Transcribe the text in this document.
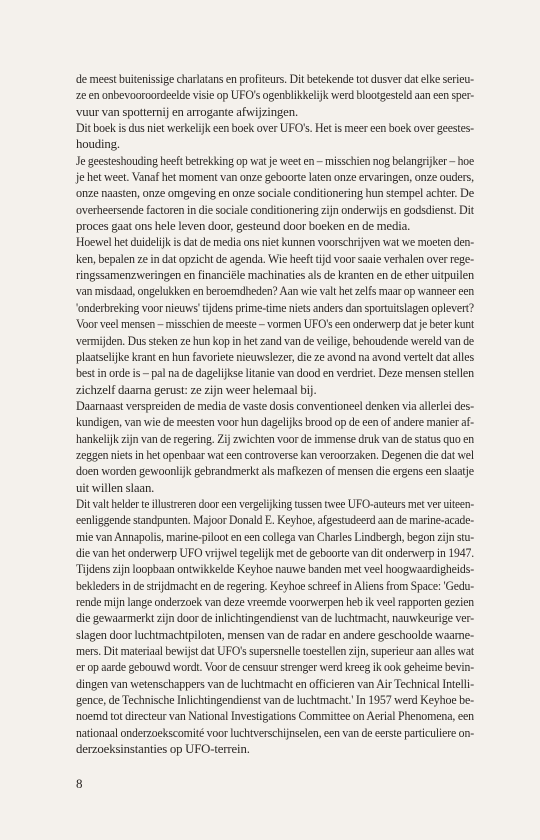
de meest buitenissige charlatans en profiteurs. Dit betekende tot dusver dat elke serieu-
ze en onbevooroordeelde visie op UFO's ogenblikkelijk werd blootgesteld aan een sper-
vuur van spotternij en arrogante afwijzingen.
Dit boek is dus niet werkelijk een boek over UFO's. Het is meer een boek over geestes-
houding.
Je geesteshouding heeft betrekking op wat je weet en – misschien nog belangrijker – hoe
je het weet. Vanaf het moment van onze geboorte laten onze ervaringen, onze ouders,
onze naasten, onze omgeving en onze sociale conditionering hun stempel achter. De
overheersende factoren in die sociale conditionering zijn onderwijs en godsdienst. Dit
proces gaat ons hele leven door, gesteund door boeken en de media.
Hoewel het duidelijk is dat de media ons niet kunnen voorschrijven wat we moeten den-
ken, bepalen ze in dat opzicht de agenda. Wie heeft tijd voor saaie verhalen over rege-
ringssamenzweringen en financiële machinaties als de kranten en de ether uitpuilen
van misdaad, ongelukken en beroemdheden? Aan wie valt het zelfs maar op wanneer een
'onderbreking voor nieuws' tijdens prime-time niets anders dan sportuitslagen oplevert?
Voor veel mensen – misschien de meeste – vormen UFO's een onderwerp dat je beter kunt
vermijden. Dus steken ze hun kop in het zand van de veilige, behoudende wereld van de
plaatselijke krant en hun favoriete nieuwslezer, die ze avond na avond vertelt dat alles
best in orde is – pal na de dagelijkse litanie van dood en verdriet. Deze mensen stellen
zichzelf daarna gerust: ze zijn weer helemaal bij.
Daarnaast verspreiden de media de vaste dosis conventioneel denken via allerlei des-
kundigen, van wie de meesten voor hun dagelijks brood op de een of andere manier af-
hankelijk zijn van de regering. Zij zwichten voor de immense druk van de status quo en
zeggen niets in het openbaar wat een controverse kan veroorzaken. Degenen die dat wel
doen worden gewoonlijk gebrandmerkt als mafkezen of mensen die ergens een slaatje
uit willen slaan.
Dit valt helder te illustreren door een vergelijking tussen twee UFO-auteurs met ver uiteen-
eenliggende standpunten. Majoor Donald E. Keyhoe, afgestudeerd aan de marine-acade-
mie van Annapolis, marine-piloot en een collega van Charles Lindbergh, begon zijn stu-
die van het onderwerp UFO vrijwel tegelijk met de geboorte van dit onderwerp in 1947.
Tijdens zijn loopbaan ontwikkelde Keyhoe nauwe banden met veel hoogwaardigheids-
bekleders in de strijdmacht en de regering. Keyhoe schreef in Aliens from Space: 'Gedu-
rende mijn lange onderzoek van deze vreemde voorwerpen heb ik veel rapporten gezien
die gewaarmerkt zijn door de inlichtingendienst van de luchtmacht, nauwkeurige ver-
slagen door luchtmachtpiloten, mensen van de radar en andere geschoolde waarne-
mers. Dit materiaal bewijst dat UFO's supersnelle toestellen zijn, superieur aan alles wat
er op aarde gebouwd wordt. Voor de censuur strenger werd kreeg ik ook geheime bevin-
dingen van wetenschappers van de luchtmacht en officieren van Air Technical Intelli-
gence, de Technische Inlichtingendienst van de luchtmacht.' In 1957 werd Keyhoe be-
noemd tot directeur van National Investigations Committee on Aerial Phenomena, een
nationaal onderzoekscomité voor luchtverschijnselen, een van de eerste particuliere on-
derzoeksinstanties op UFO-terrein.
8
